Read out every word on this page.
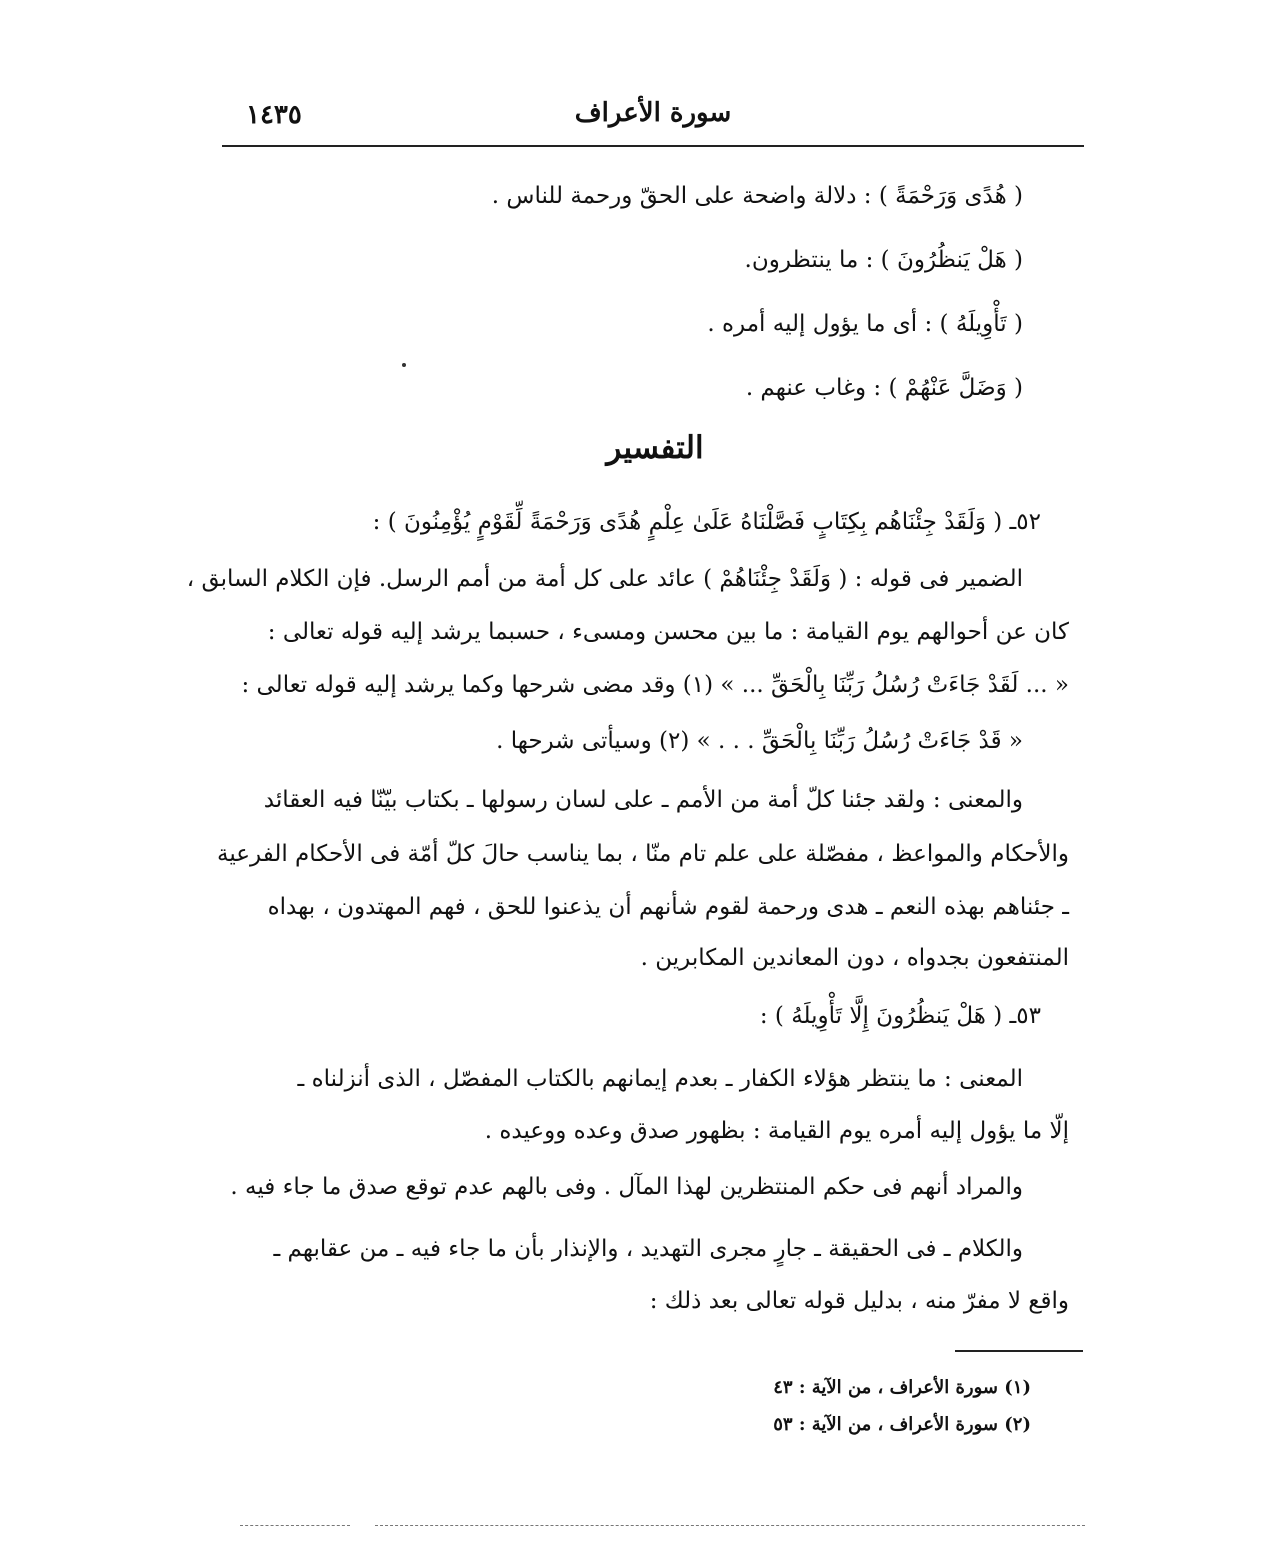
سورة الأعراف
١٤٣٥
( هُدًى وَرَحْمَةً ) : دلالة واضحة على الحقّ ورحمة للناس .
( هَلْ يَنظُرُونَ ) : ما ينتظرون.
( تَأْوِيلَهُ ) : أى ما يؤول إليه أمره .
( وَضَلَّ عَنْهُمْ ) : وغاب عنهم .
التفسير
٥٢ـ ( وَلَقَدْ جِئْنَاهُم بِكِتَابٍ فَصَّلْنَاهُ عَلَىٰ عِلْمٍ هُدًى وَرَحْمَةً لِّقَوْمٍ يُؤْمِنُونَ ) :
الضمير فى قوله : ( وَلَقَدْ جِئْنَاهُمْ ) عائد على كل أمة من أمم الرسل. فإن الكلام السابق ،
كان عن أحوالهم يوم القيامة : ما بين محسن ومسىء ، حسبما يرشد إليه قوله تعالى :
« ... لَقَدْ جَاءَتْ رُسُلُ رَبِّنَا بِالْحَقِّ ... » (١) وقد مضى شرحها وكما يرشد إليه قوله تعالى :
« قَدْ جَاءَتْ رُسُلُ رَبِّنَا بِالْحَقِّ . . . » (٢) وسيأتى شرحها .
والمعنى : ولقد جئنا كلّ أمة من الأمم ـ على لسان رسولها ـ بكتاب بيّنّا فيه العقائد
والأحكام والمواعظ ، مفصّلة على علم تام منّا ، بما يناسب حالَ كلّ أمّة فى الأحكام الفرعية
ـ جئناهم بهذه النعم ـ هدى ورحمة لقوم شأنهم أن يذعنوا للحق ، فهم المهتدون ، بهداه
المنتفعون بجدواه ، دون المعاندين المكابرين .
٥٣ـ ( هَلْ يَنظُرُونَ إِلَّا تَأْوِيلَهُ ) :
المعنى : ما ينتظر هؤلاء الكفار ـ بعدم إيمانهم بالكتاب المفصّل ، الذى أنزلناه ـ
إلّا ما يؤول إليه أمره يوم القيامة : بظهور صدق وعده ووعيده .
والمراد أنهم فى حكم المنتظرين لهذا المآل . وفى بالهم عدم توقع صدق ما جاء فيه .
والكلام ـ فى الحقيقة ـ جارٍ مجرى التهديد ، والإنذار بأن ما جاء فيه ـ من عقابهم ـ
واقع لا مفرّ منه ، بدليل قوله تعالى بعد ذلك :
(١) سورة الأعراف ، من الآية : ٤٣
(٢) سورة الأعراف ، من الآية : ٥٣
